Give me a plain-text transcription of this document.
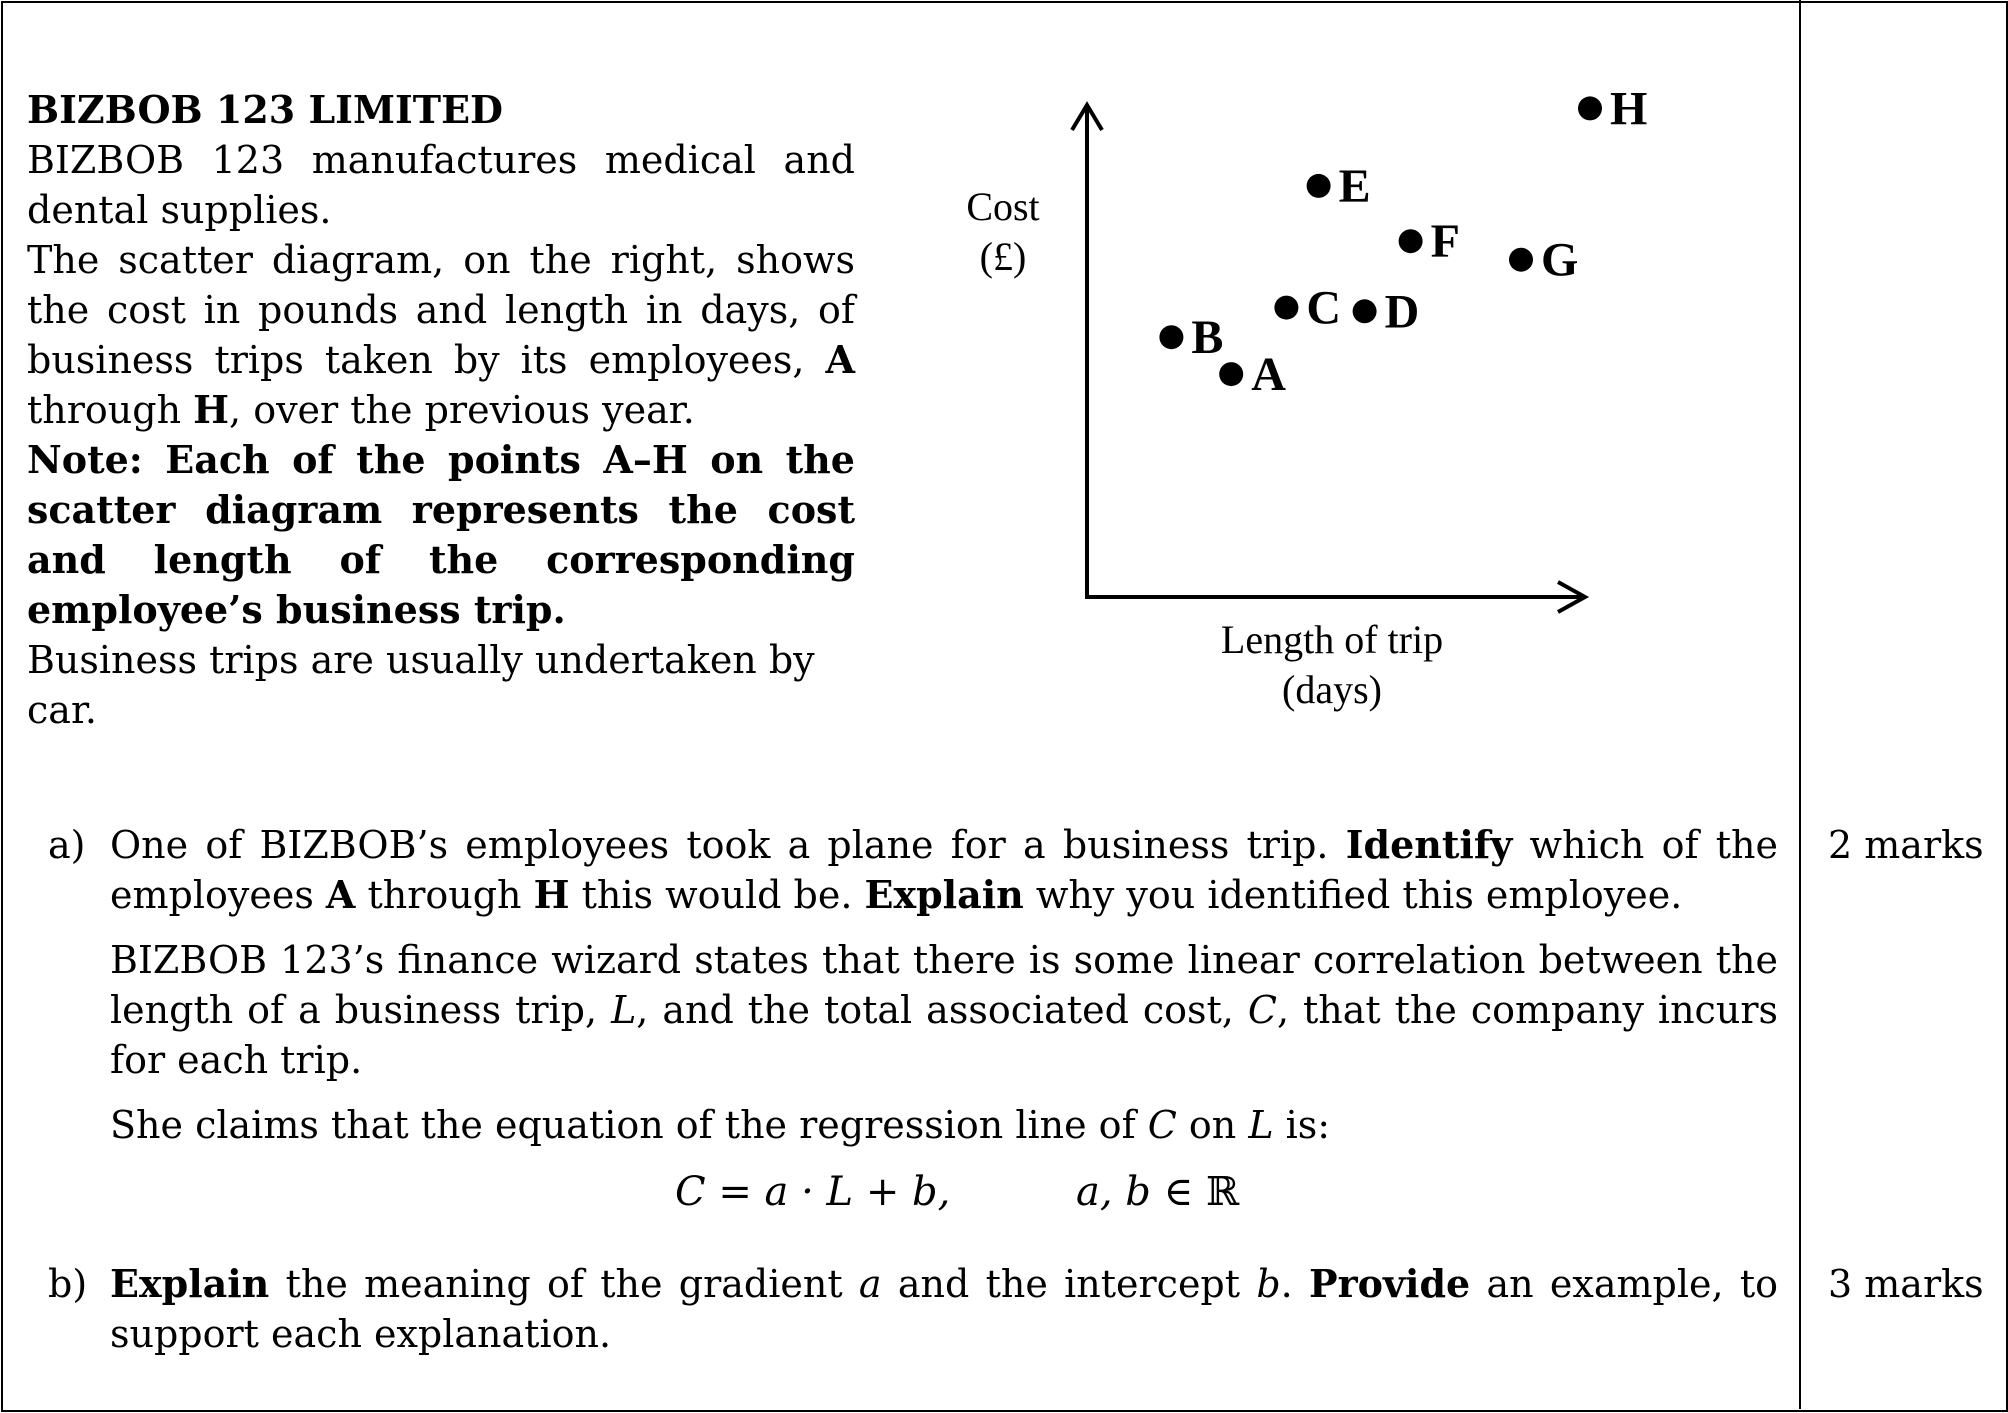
BIZBOB 123 LIMITED

BIZBOB 123 manufactures medical and dental supplies.

The scatter diagram, on the right, shows the cost in pounds and length in days, of business trips taken by its employees, A through H, over the previous year.

Note: Each of the points A–H on the scatter diagram represents the cost and length of the corresponding employee’s business trip.

Business trips are usually undertaken by car.

Cost
(£)
Length of trip
(days)
A
B
C D
E
F G
H
a) One of BIZBOB’s employees took a plane for a business trip. Identify which of the employees A through H this would be. Explain why you identified this employee.

BIZBOB 123’s finance wizard states that there is some linear correlation between the length of a business trip, L, and the total associated cost, C, that the company incurs for each trip.

She claims that the equation of the regression line of C on L is:

2 marks
C = a · L + b,	a, b ∈ ℝ
b) Explain the meaning of the gradient a and the intercept b. Provide an example, to support each explanation.

3 marks
